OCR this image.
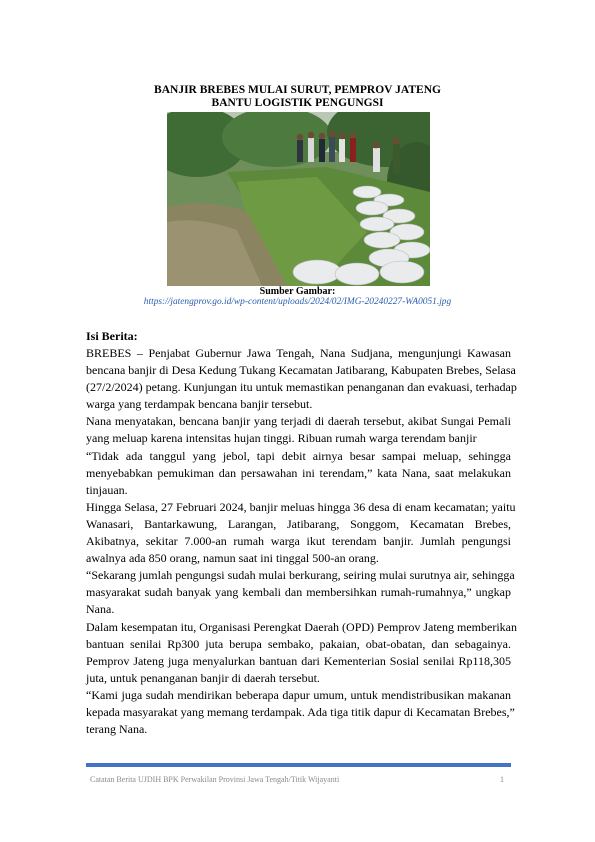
BANJIR BREBES MULAI SURUT, PEMPROV JATENG
BANTU LOGISTIK PENGUNGSI
Sumber Gambar:
https://jatengprov.go.id/wp-content/uploads/2024/02/IMG-20240227-WA0051.jpg
Isi Berita:
BREBES – Penjabat Gubernur Jawa Tengah, Nana Sudjana, mengunjungi Kawasan
bencana banjir di Desa Kedung Tukang Kecamatan Jatibarang, Kabupaten Brebes, Selasa
(27/2/2024) petang. Kunjungan itu untuk memastikan penanganan dan evakuasi, terhadap
warga yang terdampak bencana banjir tersebut.
Nana menyatakan, bencana banjir yang terjadi di daerah tersebut, akibat Sungai Pemali
yang meluap karena intensitas hujan tinggi. Ribuan rumah warga terendam banjir
“Tidak ada tanggul yang jebol, tapi debit airnya besar sampai meluap, sehingga
menyebabkan pemukiman dan persawahan ini terendam,” kata Nana, saat melakukan
tinjauan.
Hingga Selasa, 27 Februari 2024, banjir meluas hingga 36 desa di enam kecamatan; yaitu
Wanasari, Bantarkawung, Larangan, Jatibarang, Songgom, Kecamatan Brebes,
Akibatnya, sekitar 7.000-an rumah warga ikut terendam banjir. Jumlah pengungsi
awalnya ada 850 orang, namun saat ini tinggal 500-an orang.
“Sekarang jumlah pengungsi sudah mulai berkurang, seiring mulai surutnya air, sehingga
masyarakat sudah banyak yang kembali dan membersihkan rumah-rumahnya,” ungkap
Nana.
Dalam kesempatan itu, Organisasi Perengkat Daerah (OPD) Pemprov Jateng memberikan
bantuan senilai Rp300 juta berupa sembako, pakaian, obat-obatan, dan sebagainya.
Pemprov Jateng juga menyalurkan bantuan dari Kementerian Sosial senilai Rp118,305
juta, untuk penanganan banjir di daerah tersebut.
“Kami juga sudah mendirikan beberapa dapur umum, untuk mendistribusikan makanan
kepada masyarakat yang memang terdampak. Ada tiga titik dapur di Kecamatan Brebes,”
terang Nana.
Catatan Berita UJDIH BPK Perwakilan Provinsi Jawa Tengah/Titik Wijayanti	1
